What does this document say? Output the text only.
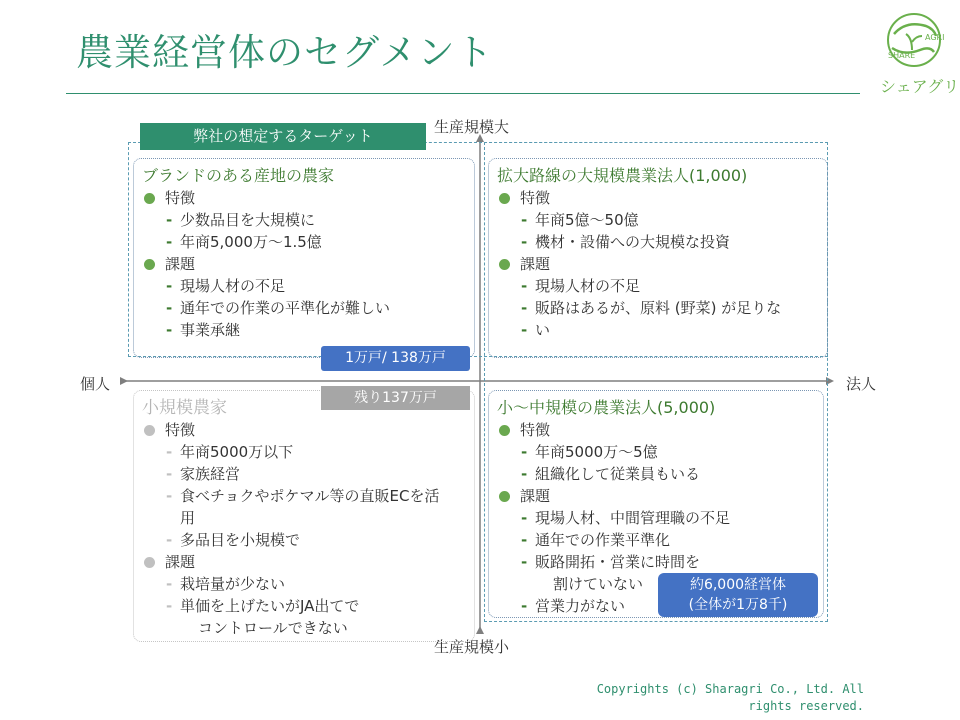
農業経営体のセグメント	AGRI
SHARE
シェアグリ
生産規模大
生産規模小
個人	法人
弊社の想定するターゲット
ブランドのある産地の農家
特徴
- 少数品目を大規模に
- 年商5,000万～1.5億
課題
- 現場人材の不足
- 通年での作業の平準化が難しい
- 事業承継
1万戸/ 138万戸
拡大路線の大規模農業法人(1,000)
特徴
- 年商5億～50億
- 機材・設備への大規模な投資
課題
- 現場人材の不足
- 販路はあるが、原料 (野菜) が足りな
- い
小規模農家
特徴
- 年商5000万以下
- 家族経営
- 食べチョクやポケマル等の直販ECを活
用
- 多品目を小規模で
課題
- 栽培量が少ない
- 単価を上げたいがJA出てで
コントロールできない
残り137万戸	小～中規模の農業法人(5,000)
特徴
- 年商5000万～5億
- 組織化して従業員もいる
課題
- 現場人材、中間管理職の不足
- 通年での作業平準化
- 販路開拓・営業に時間を
割けていない
- 営業力がない
約6,000経営体
(全体が1万8千)
Copyrights (c) Sharagri Co., Ltd. All rights reserved.
